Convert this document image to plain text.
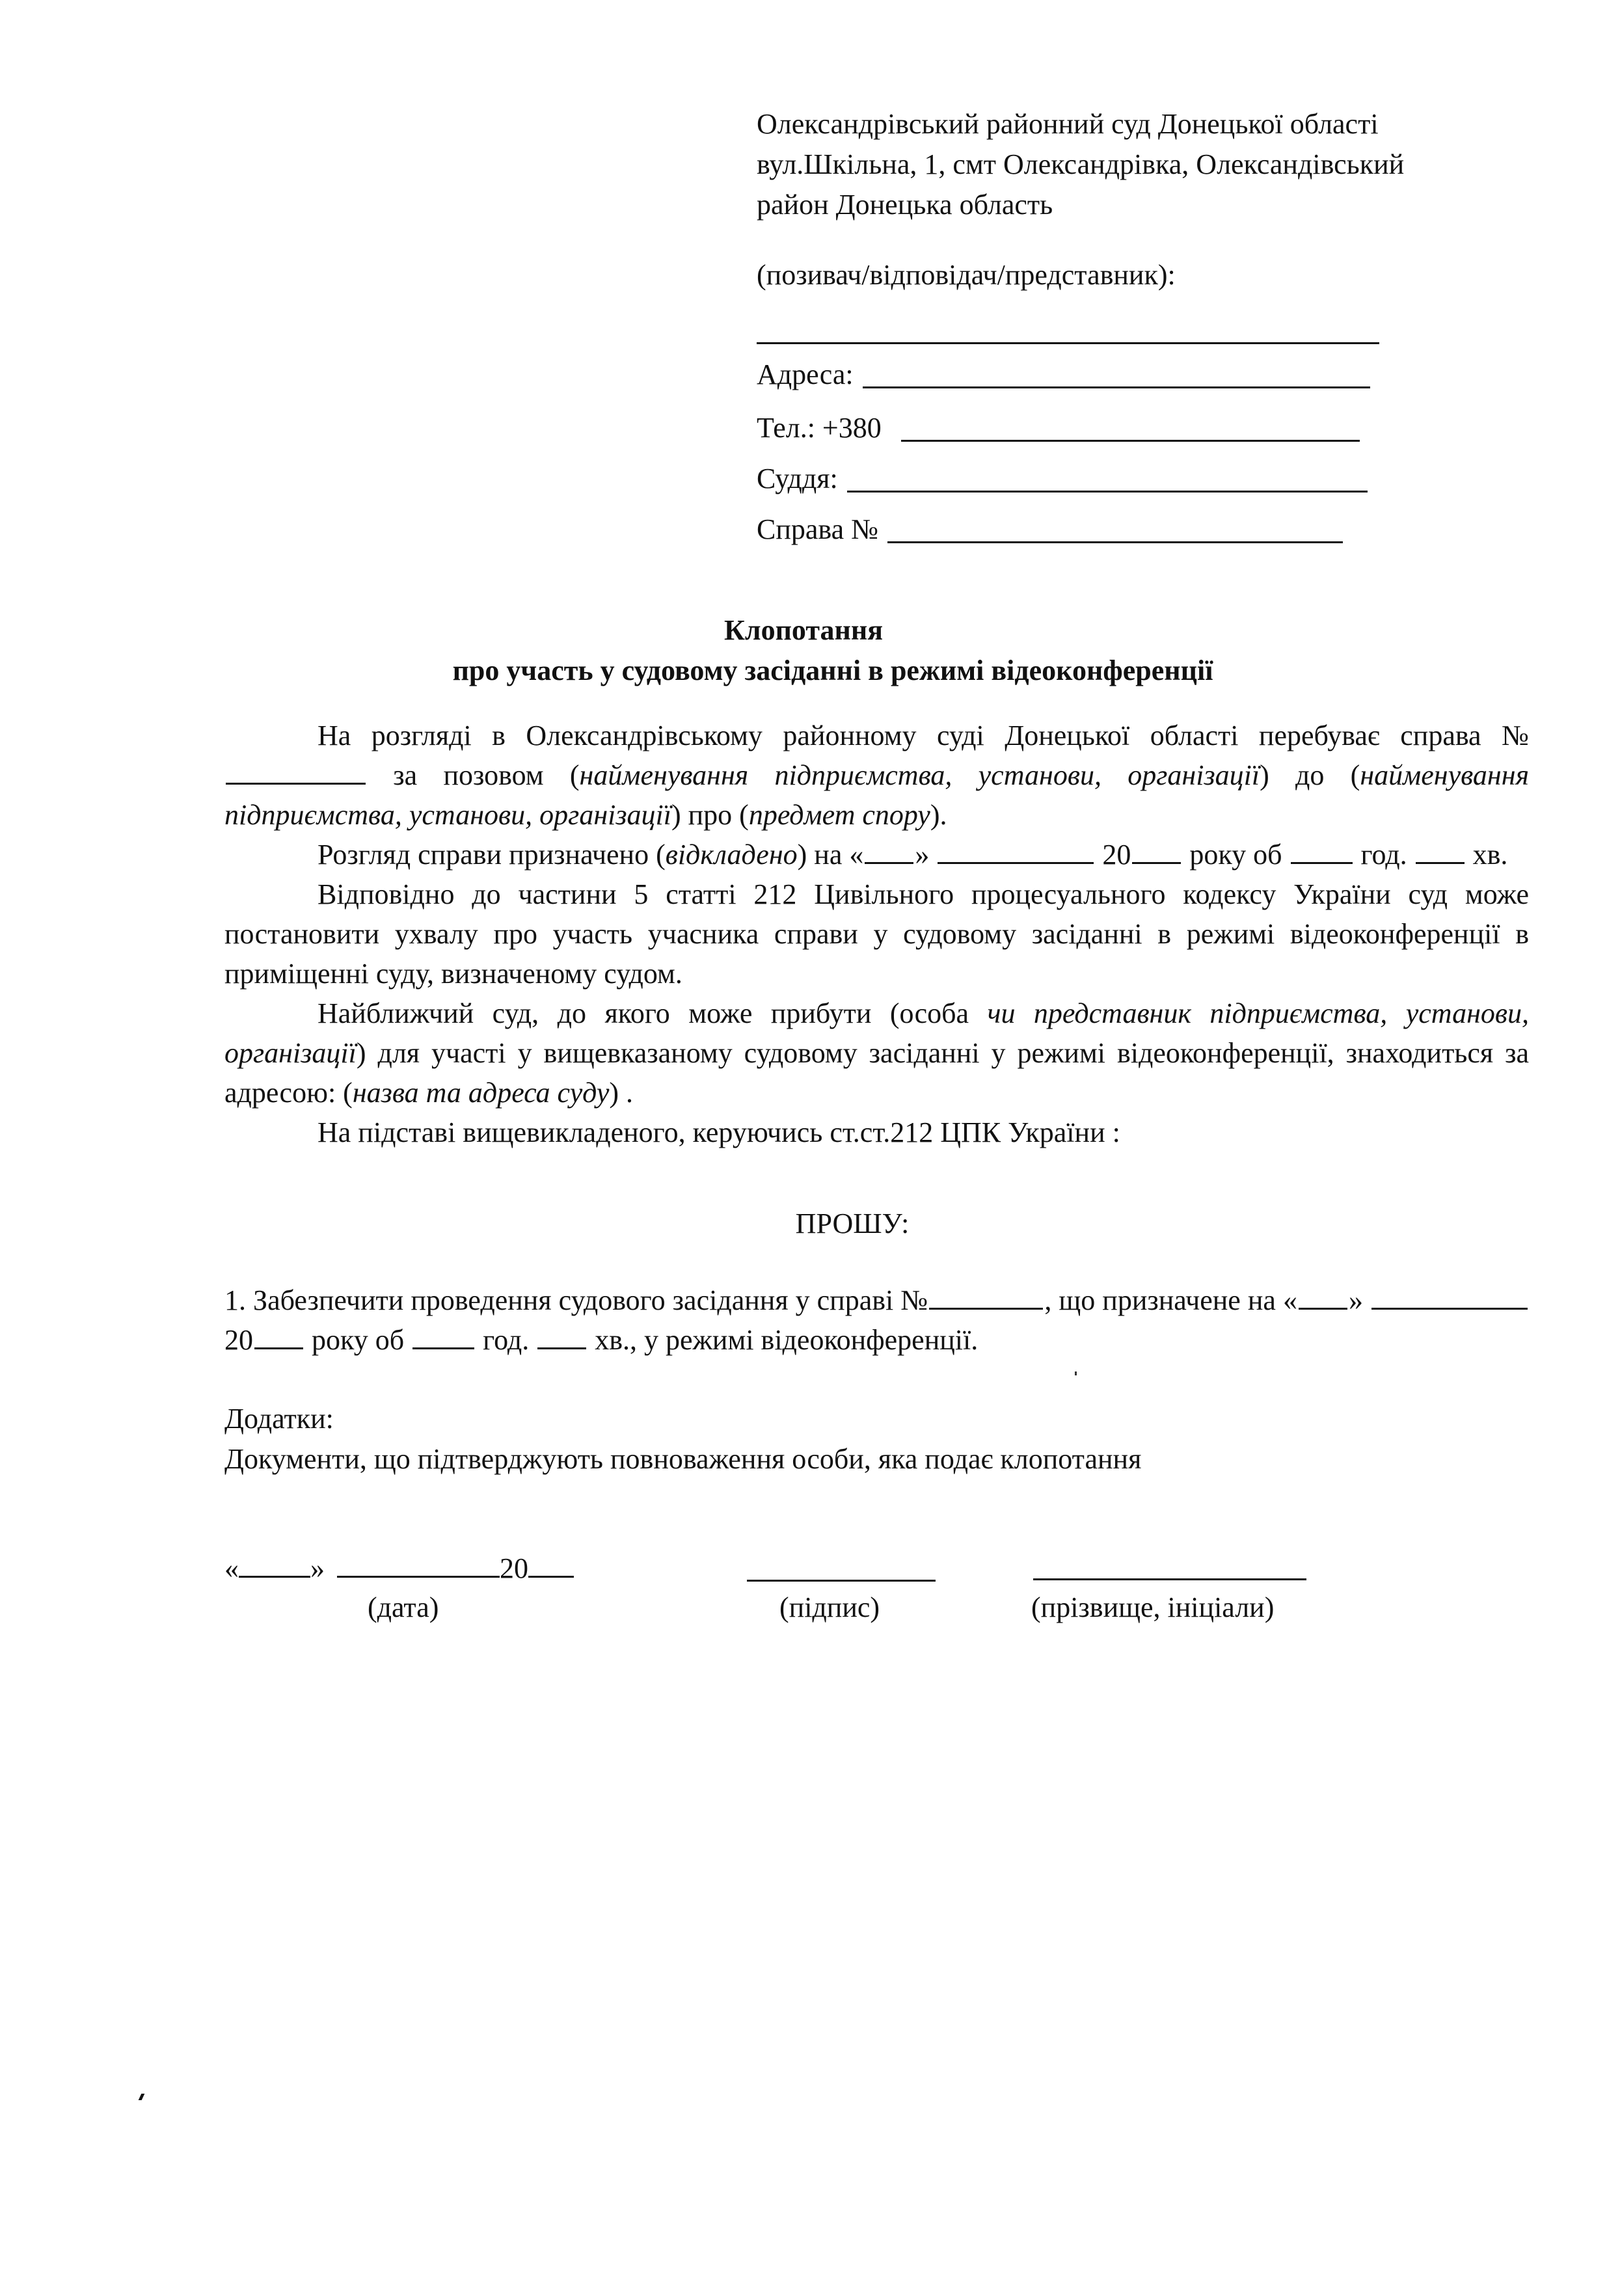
Олександрівський районний суд Донецької області
вул.Шкільна, 1, смт Олександрівка, Олександівський
район Донецька область
(позивач/відповідач/представник):
Адреса:
Тел.: +380
Суддя:
Справа №
Клопотання
про участь у судовому засіданні в режимі відеоконференції

На розгляді в Олександрівському районному суді Донецької області перебуває справа № за позовом (найменування підприємства, установи, організації) до (найменування підприємства, установи, організації) про (предмет спору).

Розгляд справи призначено (відкладено) на « »	20 року об  год.  хв.

Відповідно до частини 5 статті 212 Цивільного процесуального кодексу України суд може постановити ухвалу про участь учасника справи у судовому засіданні в режимі відеоконференції в приміщенні суду, визначеному судом.

Найближчий суд, до якого може прибути (особа чи представник підприємства, установи, організації) для участі у вищевказаному судовому засіданні у режимі відеоконференції, знаходиться за адресою: (назва та адреса суду) .

На підставі вищевикладеного, керуючись ст.ст.212 ЦПК України :

ПРОШУ:

1. Забезпечити проведення судового засідання у справі №	, що призначене на « »  20 року об  год.  хв., у режимі відеоконференції.

Додатки:
Документи, що підтверджують повноваження особи, яка подає клопотання
«	»	20
(дата)	(підпис)	(прізвище, ініціали)
